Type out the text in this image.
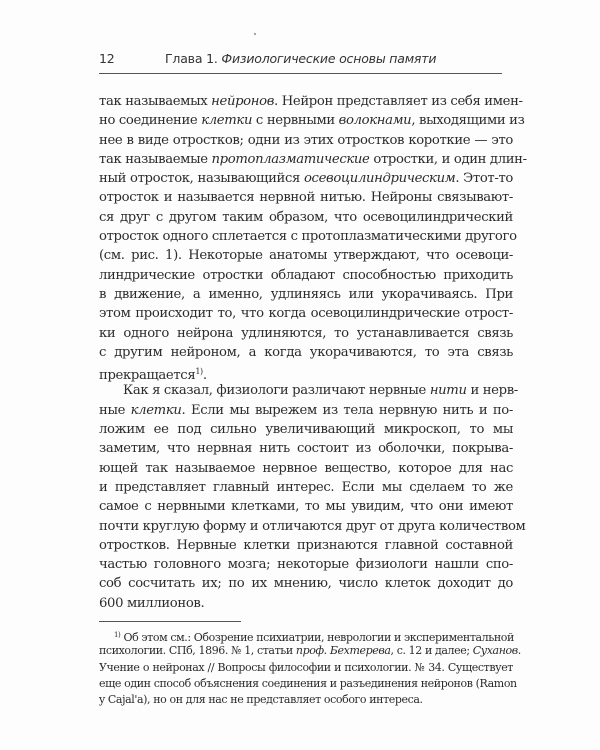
12	Глава 1. Физиологические основы памяти
так называемых нейронов. Нейрон представляет из себя имен-
но соединение клетки с нервными волокнами, выходящими из
нее в виде отростков; одни из этих отростков короткие — это
так называемые протоплазматические отростки, и один длин-
ный отросток, называющийся осевоцилиндрическим. Этот-то
отросток и называется нервной нитью. Нейроны связывают-
ся друг с другом таким образом, что осевоцилиндрический
отросток одного сплетается с протоплазматическими другого
(см. рис. 1). Некоторые анатомы утверждают, что осевоци-
линдрические отростки обладают способностью приходить
в движение, а именно, удлиняясь или укорачиваясь. При
этом происходит то, что когда осевоцилиндрические отрост-
ки одного нейрона удлиняются, то устанавливается связь
с другим нейроном, а когда укорачиваются, то эта связь
прекращается$^{1)}$.
Как я сказал, физиологи различают нервные нити и нерв-
ные клетки. Если мы вырежем из тела нервную нить и по-
ложим ее под сильно увеличивающий микроскоп, то мы
заметим, что нервная нить состоит из оболочки, покрыва-
ющей так называемое нервное вещество, которое для нас
и представляет главный интерес. Если мы сделаем то же
самое с нервными клетками, то мы увидим, что они имеют
почти круглую форму и отличаются друг от друга количеством
отростков. Нервные клетки признаются главной составной
частью головного мозга; некоторые физиологи нашли спо-
соб сосчитать их; по их мнению, число клеток доходит до
600 миллионов.
$^{1)}$ Об этом см.: Обозрение психиатрии, неврологии и экспериментальной
психологии. СПб, 1896. № 1, статьи проф. Бехтерева, с. 12 и далее; Суханов.
Учение о нейронах // Вопросы философии и психологии. № 34. Существует
еще один способ объяснения соединения и разъединения нейронов (Ramon
y Cajal'a), но он для нас не представляет особого интереса.
